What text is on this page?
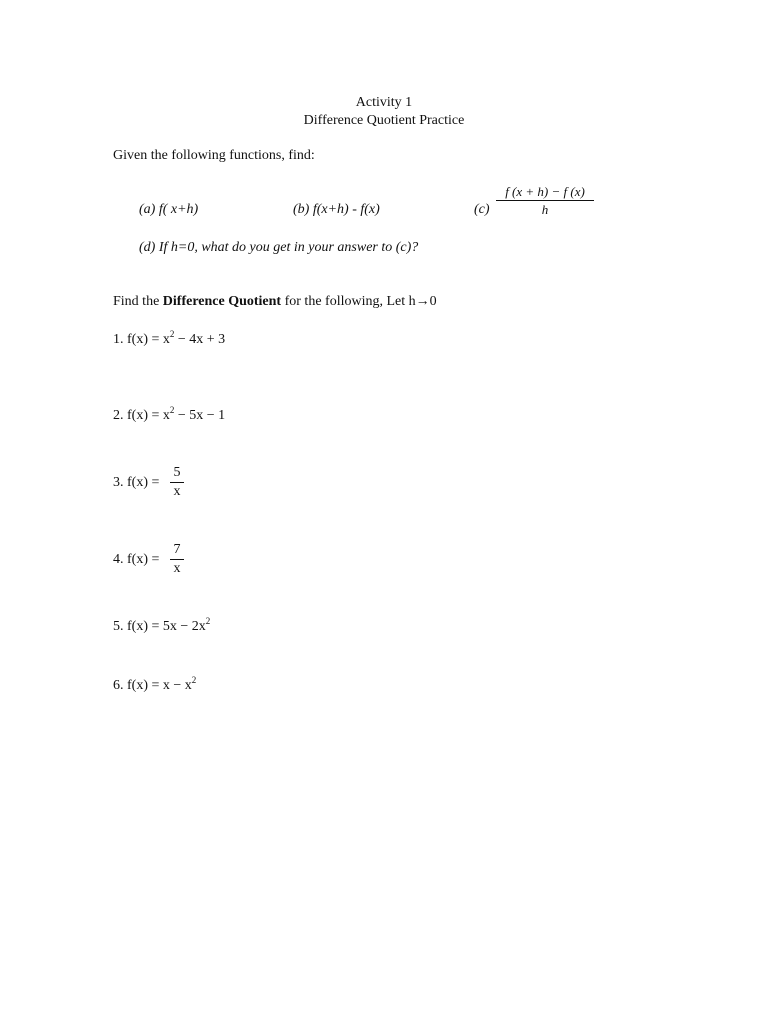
Activity 1
Difference Quotient Practice
Given the following functions, find:
(a) f( x+h)	(b) f(x+h) - f(x)	(c)
f (x + h) − f (x)
h
(d) If h=0, what do you get in your answer to (c)?
Find the Difference Quotient for the following, Let h→0
1. $f(x) = x^2 - 4x + 3$
2. $f(x) = x^2 - 5x - 1$
3. f(x) =
5
x
4. f(x) =
7
x
5. $f(x) = 5x - 2x^2$
6. $f(x) = x - x^2$
